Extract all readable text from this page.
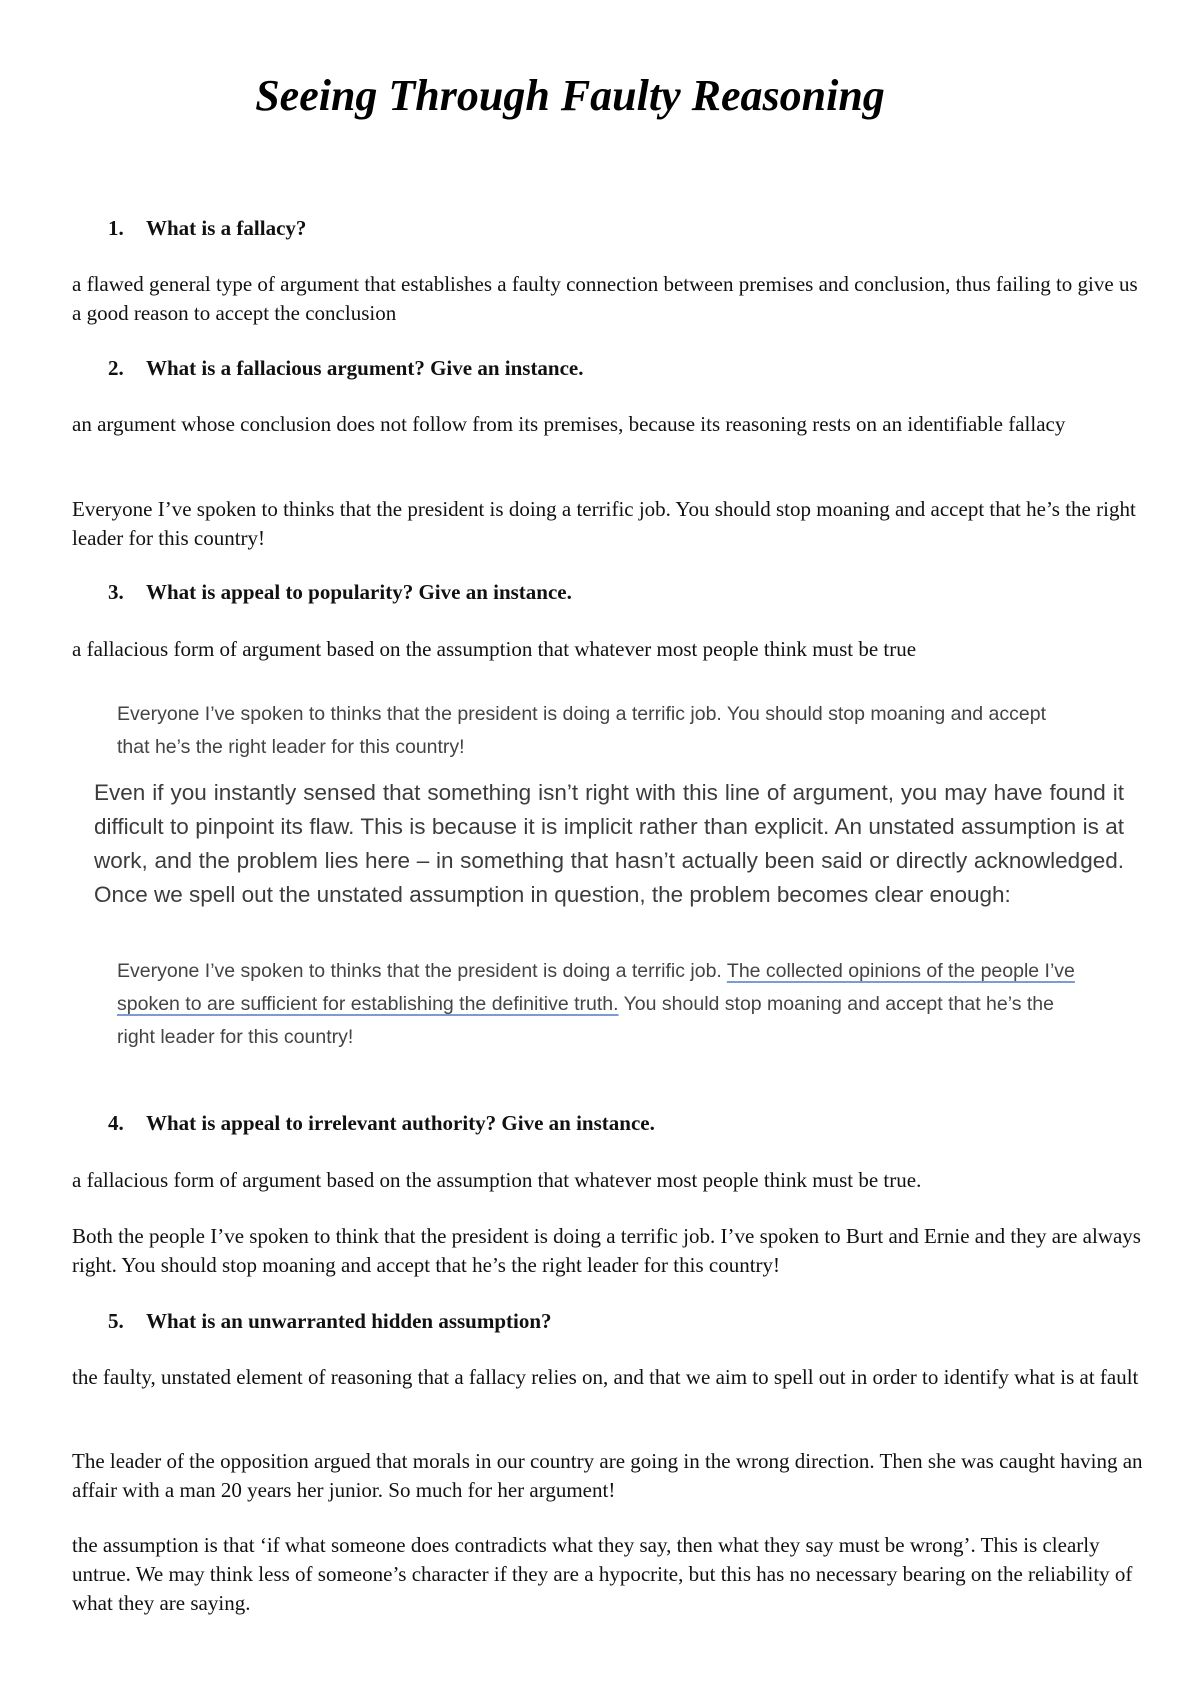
Seeing Through Faulty Reasoning
1. What is a fallacy?

a flawed general type of argument that establishes a faulty connection between premises and conclusion, thus failing to give us a good reason to accept the conclusion

2. What is a fallacious argument? Give an instance.

an argument whose conclusion does not follow from its premises, because its reasoning rests on an identifiable fallacy

Everyone I’ve spoken to thinks that the president is doing a terrific job. You should stop moaning and accept that he’s the right leader for this country!

3. What is appeal to popularity? Give an instance.

a fallacious form of argument based on the assumption that whatever most people think must be true

Everyone I’ve spoken to thinks that the president is doing a terrific job. You should stop moaning and accept that he’s the right leader for this country!

Even if you instantly sensed that something isn’t right with this line of argument, you may have found it difficult to pinpoint its flaw. This is because it is implicit rather than explicit. An unstated assumption is at work, and the problem lies here – in something that hasn’t actually been said or directly acknowledged. Once we spell out the unstated assumption in question, the problem becomes clear enough:

Everyone I’ve spoken to thinks that the president is doing a terrific job. The collected opinions of the people I’ve spoken to are sufficient for establishing the definitive truth. You should stop moaning and accept that he’s the right leader for this country!

4. What is appeal to irrelevant authority? Give an instance.

a fallacious form of argument based on the assumption that whatever most people think must be true.

Both the people I’ve spoken to think that the president is doing a terrific job. I’ve spoken to Burt and Ernie and they are always right. You should stop moaning and accept that he’s the right leader for this country!

5. What is an unwarranted hidden assumption?

the faulty, unstated element of reasoning that a fallacy relies on, and that we aim to spell out in order to identify what is at fault

The leader of the opposition argued that morals in our country are going in the wrong direction. Then she was caught having an affair with a man 20 years her junior. So much for her argument!

the assumption is that ‘if what someone does contradicts what they say, then what they say must be wrong’. This is clearly untrue. We may think less of someone’s character if they are a hypocrite, but this has no necessary bearing on the reliability of what they are saying.
